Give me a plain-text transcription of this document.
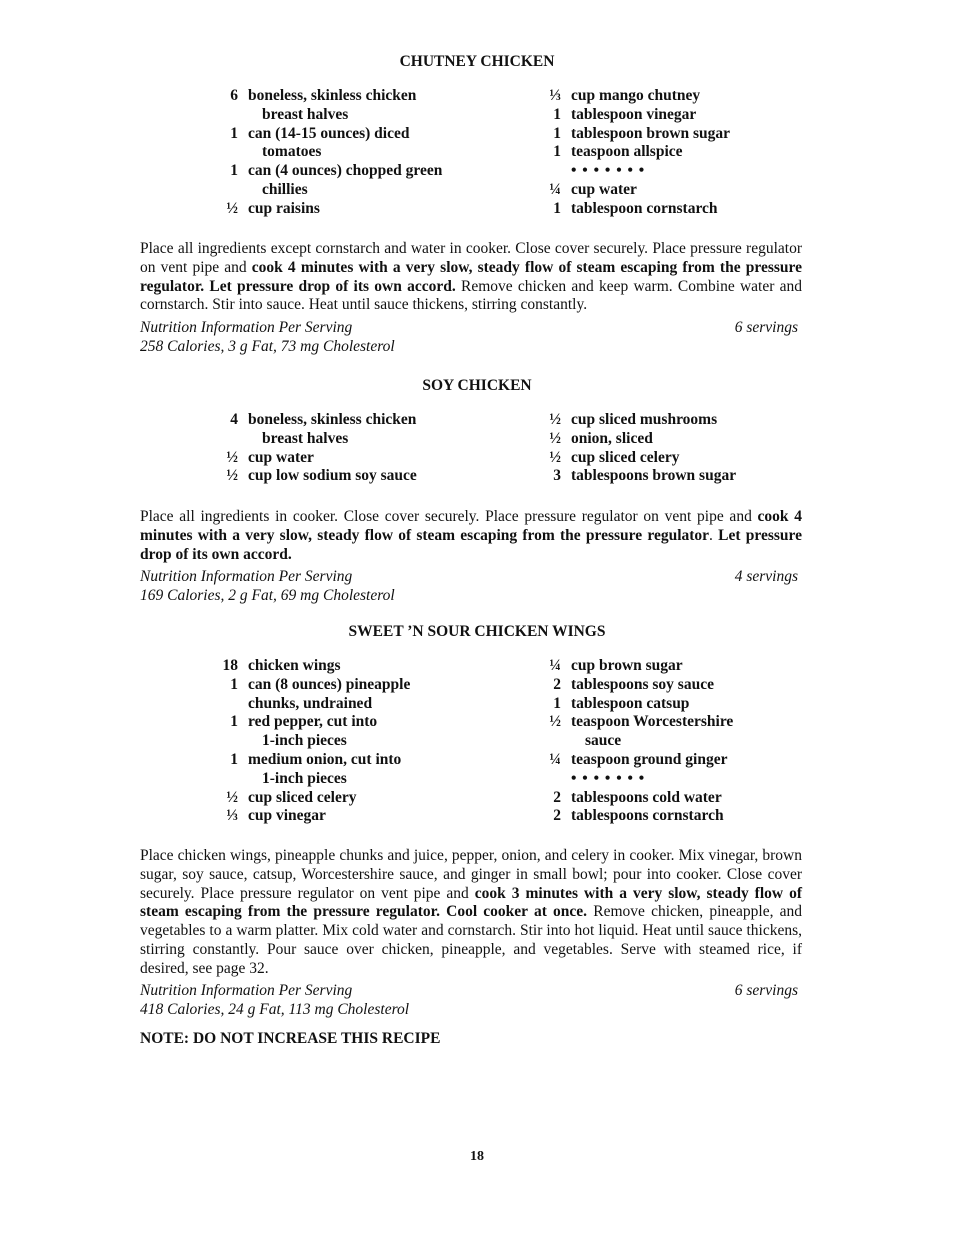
CHUTNEY CHICKEN
6 boneless, skinless chicken
breast halves
1 can (14-15 ounces) diced
tomatoes
1 can (4 ounces) chopped green
chillies
½ cup raisins
⅓ cup mango chutney
1 tablespoon vinegar
1 tablespoon brown sugar
1 teaspoon allspice
• • • • • • •
¼ cup water
1 tablespoon cornstarch
Place all ingredients except cornstarch and water in cooker. Close cover securely. Place pressure regulator on vent pipe and cook 4 minutes with a very slow, steady flow of steam escaping from the pressure regulator. Let pressure drop of its own accord. Remove chicken and keep warm. Combine water and cornstarch. Stir into sauce. Heat until sauce thickens, stirring constantly.
Nutrition Information Per Serving	6 servings
258 Calories, 3 g Fat, 73 mg Cholesterol
SOY CHICKEN
4 boneless, skinless chicken
breast halves
½ cup water
½ cup low sodium soy sauce
½ cup sliced mushrooms
½ onion, sliced
½ cup sliced celery
3 tablespoons brown sugar
Place all ingredients in cooker. Close cover securely. Place pressure regulator on vent pipe and cook 4 minutes with a very slow, steady flow of steam escaping from the pressure regulator. Let pressure drop of its own accord.
Nutrition Information Per Serving	4 servings
169 Calories, 2 g Fat, 69 mg Cholesterol
SWEET ’N SOUR CHICKEN WINGS
18 chicken wings
1 can (8 ounces) pineapple
chunks, undrained
1 red pepper, cut into
1-inch pieces
1 medium onion, cut into
1-inch pieces
½ cup sliced celery
⅓ cup vinegar
¼ cup brown sugar
2 tablespoons soy sauce
1 tablespoon catsup
½ teaspoon Worcestershire
sauce
¼ teaspoon ground ginger
• • • • • • •
2 tablespoons cold water
2 tablespoons cornstarch
Place chicken wings, pineapple chunks and juice, pepper, onion, and celery in cooker. Mix vinegar, brown sugar, soy sauce, catsup, Worcestershire sauce, and ginger in small bowl; pour into cooker. Close cover securely. Place pressure regulator on vent pipe and cook 3 minutes with a very slow, steady flow of steam escaping from the pressure regulator. Cool cooker at once. Remove chicken, pineapple, and vegetables to a warm platter. Mix cold water and cornstarch. Stir into hot liquid. Heat until sauce thickens, stirring constantly. Pour sauce over chicken, pineapple, and vegetables. Serve with steamed rice, if desired, see page 32.
Nutrition Information Per Serving	6 servings
418 Calories, 24 g Fat, 113 mg Cholesterol
NOTE: DO NOT INCREASE THIS RECIPE
18
